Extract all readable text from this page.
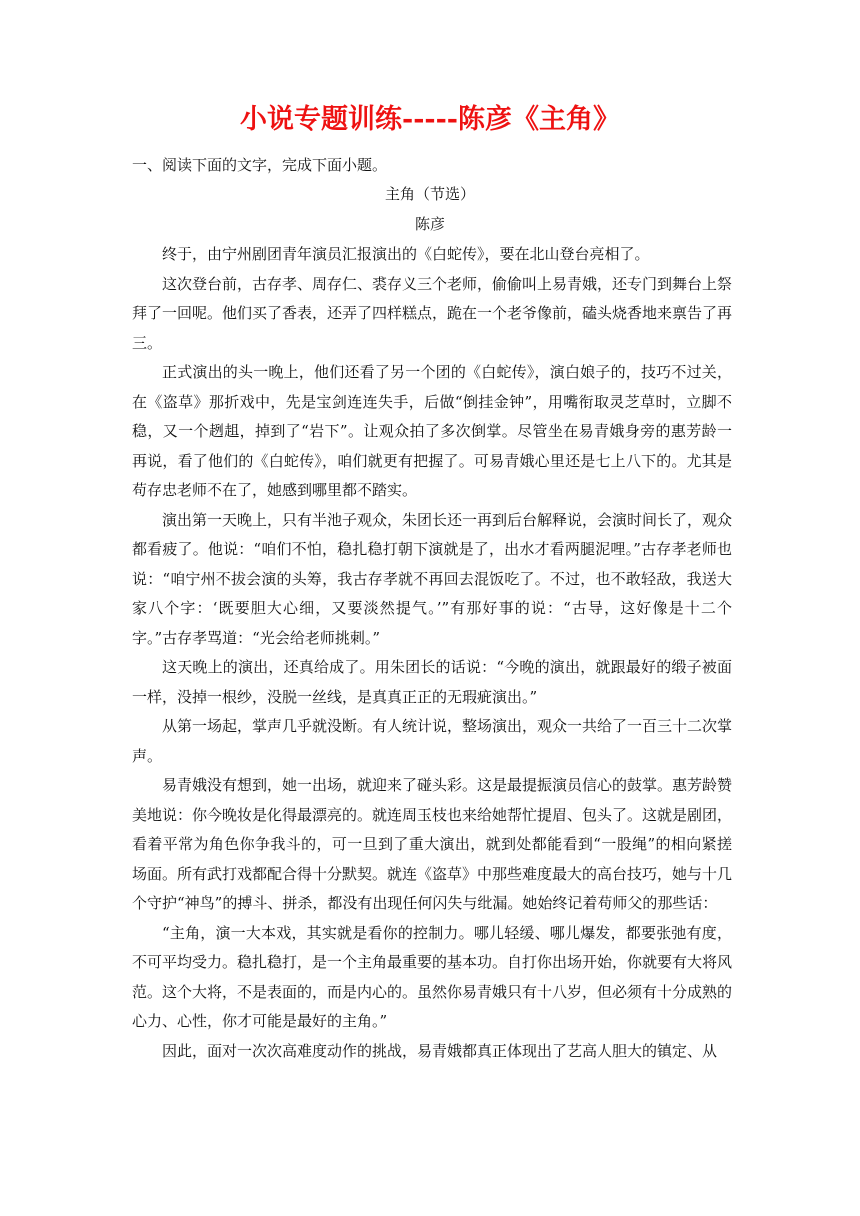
小说专题训练-----陈彦《主角》
一、阅读下面的文字，完成下面小题。
主角（节选）
陈彦

终于，由宁州剧团青年演员汇报演出的《白蛇传》，要在北山登台亮相了。

这次登台前，古存孝、周存仁、裘存义三个老师，偷偷叫上易青娥，还专门到舞台上祭拜了一回呢。他们买了香表，还弄了四样糕点，跪在一个老爷像前，磕头烧香地来禀告了再三。

正式演出的头一晚上，他们还看了另一个团的《白蛇传》，演白娘子的，技巧不过关，在《盗草》那折戏中，先是宝剑连连失手，后做“倒挂金钟”，用嘴衔取灵芝草时，立脚不稳，又一个趔趄，掉到了“岩下”。让观众拍了多次倒掌。尽管坐在易青娥身旁的惠芳龄一再说，看了他们的《白蛇传》，咱们就更有把握了。可易青娥心里还是七上八下的。尤其是苟存忠老师不在了，她感到哪里都不踏实。

演出第一天晚上，只有半池子观众，朱团长还一再到后台解释说，会演时间长了，观众都看疲了。他说：“咱们不怕，稳扎稳打朝下演就是了，出水才看两腿泥哩。”古存孝老师也说：“咱宁州不拔会演的头筹，我古存孝就不再回去混饭吃了。不过，也不敢轻敌，我送大家八个字：‘既要胆大心细，又要淡然提气。’”有那好事的说：“古导，这好像是十二个字。”古存孝骂道：“光会给老师挑刺。”

这天晚上的演出，还真给成了。用朱团长的话说：“今晚的演出，就跟最好的缎子被面一样，没掉一根纱，没脱一丝线，是真真正正的无瑕疵演出。”

从第一场起，掌声几乎就没断。有人统计说，整场演出，观众一共给了一百三十二次掌声。

易青娥没有想到，她一出场，就迎来了碰头彩。这是最提振演员信心的鼓掌。惠芳龄赞美地说：你今晚妆是化得最漂亮的。就连周玉枝也来给她帮忙提眉、包头了。这就是剧团，看着平常为角色你争我斗的，可一旦到了重大演出，就到处都能看到“一股绳”的相向紧搓场面。所有武打戏都配合得十分默契。就连《盗草》中那些难度最大的高台技巧，她与十几个守护“神鸟”的搏斗、拼杀，都没有出现任何闪失与纰漏。她始终记着苟师父的那些话：

“主角，演一大本戏，其实就是看你的控制力。哪儿轻缓、哪儿爆发，都要张弛有度，不可平均受力。稳扎稳打，是一个主角最重要的基本功。自打你出场开始，你就要有大将风范。这个大将，不是表面的，而是内心的。虽然你易青娥只有十八岁，但必须有十分成熟的心力、心性，你才可能是最好的主角。”

因此，面对一次次高难度动作的挑战，易青娥都真正体现出了艺高人胆大的镇定、从
